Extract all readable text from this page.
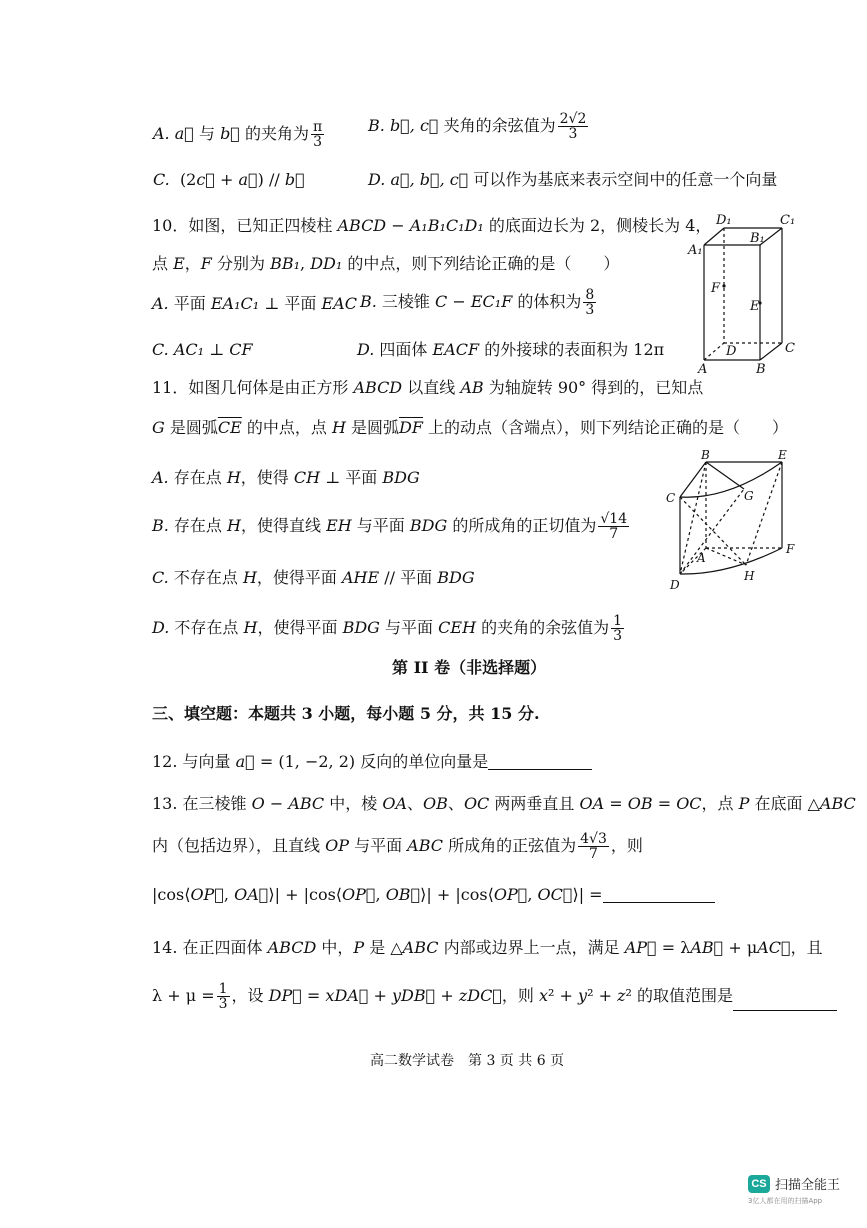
A. a⃗ 与 b⃗ 的夹角为 $\frac{\pi}{3}$	B. b⃗, c⃗ 夹角的余弦值为 $\frac{2√2}{3}$
C.  (2c⃗ + a⃗) // b⃗	D. a⃗, b⃗, c⃗ 可以作为基底来表示空间中的任意一个向量
10．如图，已知正四棱柱 ABCD − A₁B₁C₁D₁ 的底面边长为 2，侧棱长为 4，
点 E，F 分别为 BB₁, DD₁ 的中点，则下列结论正确的是（　　）
A. 平面 EA₁C₁ ⊥ 平面 EAC B. 三棱锥 C − EC₁F 的体积为 $\frac{8}{3}$
C. AC₁ ⊥ CF	D. 四面体 EACF 的外接球的表面积为 12π
D₁	C₁
A₁
B₁
F
E
D	C
A	B
11．如图几何体是由正方形 ABCD 以直线 AB 为轴旋转 90° 得到的，已知点
G 是圆弧$\overline{CE}$ 的中点，点 H 是圆弧$\overline{DF}$ 上的动点（含端点），则下列结论正确的是（　　）
A. 存在点 H，使得 CH ⊥ 平面 BDG
B. 存在点 H，使得直线 EH 与平面 BDG 的所成角的正切值为 $\frac{√14}{7}$
C. 不存在点 H，使得平面 AHE // 平面 BDG
D. 不存在点 H，使得平面 BDG 与平面 CEH 的夹角的余弦值为 $\frac{1}{3}$
B	E
C	G
F
A
H
D
第 II 卷（非选择题）
三、填空题：本题共 3 小题，每小题 5 分，共 15 分.
12. 与向量 a⃗ = (1, −2, 2) 反向的单位向量是
13. 在三棱锥 O − ABC 中，棱 OA、OB、OC 两两垂直且 OA = OB = OC，点 P 在底面 △ABC
内（包括边界），且直线 OP 与平面 ABC 所成角的正弦值为 $\frac{4√3}{7}$ ，则
|cos⟨OP⃗, OA⃗⟩| + |cos⟨OP⃗, OB⃗⟩| + |cos⟨OP⃗, OC⃗⟩| =
14. 在正四面体 ABCD 中，P 是 △ABC 内部或边界上一点，满足 AP⃗ = λAB⃗ + μAC⃗，且
$\lambda + \mu = \frac{1}{3}$ ，设 DP⃗ = xDA⃗ + yDB⃗ + zDC⃗，则 x² + y² + z² 的取值范围是
高二数学试卷　第 3 页 共 6 页
CS 扫描全能王
3亿人都在用的扫描App
